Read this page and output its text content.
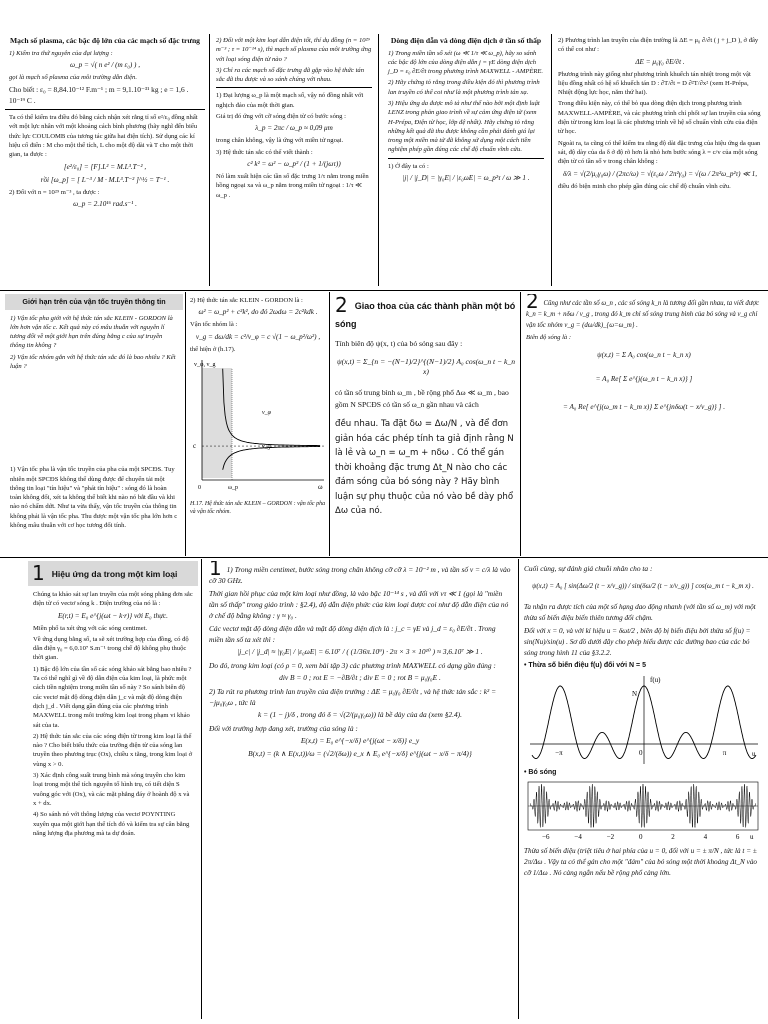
Mạch số plasma, các bậc độ lớn của các mạch số đặc trưng

1) Kiểm tra thứ nguyên của đại lượng :

ω_p = √( n e² / (m ε₀) ) ,

gọi là mạch số plasma của môi trường dẫn điện.

Cho biết : ε₀ = 8,84.10⁻¹² F.m⁻¹ ; m = 9,1.10⁻³¹ kg ; e = 1,6 . 10⁻¹⁹ C .

Ta có thể kiểm tra điều đó bằng cách nhận xét rằng tỉ số e²/ε₀ đồng nhất với một lực nhân với một khoảng cách bình phương (hãy nghĩ đến biểu thức lực COULOMB của tương tác giữa hai điện tích). Sử dụng các kí hiệu cổ điển : M cho một thể tích, L cho một độ dài và T cho một thời gian, ta được :

[e²/ε₀] = [F].L² = M.L³.T⁻² ,

rồi [ω_p] = [ L⁻³ / M · M.L³.T⁻² ]^½ = T⁻¹ .

2) Đối với n = 10²⁹ m⁻³ , ta được :

ω_p = 2.10¹⁶ rad.s⁻¹ .

2) Đối với một kim loại dẫn điện tốt, thí dụ đồng (n = 10²⁹ m⁻³ ; τ = 10⁻¹⁴ s), thì mạch số plasma của môi trường ứng với loại sóng điện từ nào ?

3) Chỉ ra các mạch số đặc trưng đã gặp vào hệ thức tán sắc đã thu được và so sánh chúng với nhau.

1) Đại lượng ω_p là một mạch số, vậy nó đồng nhất với nghịch đảo của một thời gian.

Giá trị đó ứng với cỡ sóng điện từ có bước sóng :

λ_p = 2πc / ω_p ≈ 0,09 μm

trong chân không, vậy là ứng với miền tử ngoại.

3) Hệ thức tán sắc có thể viết thành :

c² k² = ω² − ω_p² / (1 + 1/(jωτ))

Nó làm xuất hiện các tần số đặc trưng 1/τ nằm trong miền hồng ngoại xa và ω_p nằm trong miền tử ngoại : 1/τ ≪ ω_p .

Dòng điện dẫn và dòng điện dịch ở tần số thấp

1) Trong miền tần số xét (ω ≪ 1/τ ≪ ω_p), hãy so sánh các bậc độ lớn của dòng điện dẫn j = γE dòng điện dịch j_D = ε₀ ∂E/∂t trong phương trình MAXWELL - AMPÈRE.

2) Hãy chứng tỏ rằng trong điều kiện đó thì phương trình lan truyền có thể coi như là một phương trình tản xạ.

3) Hiệu ứng da được mô tả như thế nào bởi một định luật LENZ trong phản giao trình về sự cảm ứng điện từ (xem H-Prépa, Điện từ học, lớp đệ nhất). Hãy chứng tỏ rằng những kết quả đã thu được không cần phải đánh giá lại trong một miền mà tử đã không sử dụng một cách tiền nghiệm phép gần đúng các chế độ chuẩn vĩnh cửu.

1) Ở đây ta có :

|j| / |j_D| = |γ₀E| / |ε₀ωE| = ω_p²τ / ω ≫ 1 .

2) Phương trình lan truyền của điện trường là ΔE = μ₀ ∂/∂t ( j + j_D ), ở đây có thể coi như :

ΔE = μ₀γ₀ ∂E/∂t .

Phương trình này giống như phương trình khuếch tán nhiệt trong một vật liệu đồng nhất có hệ số khuếch tán D : ∂T/∂t = D ∂²T/∂x² (xem H-Prépa, Nhiệt động lực học, năm thứ hai).

Trong điều kiện này, có thể bỏ qua dòng điện dịch trong phương trình MAXWELL-AMPÈRE, và các phương trình chỉ phối sự lan truyền của sóng điện từ trong kim loại là các phương trình về hệ số chuẩn vĩnh cửu của điện từ học.

Ngoài ra, ta cũng có thể kiểm tra rằng độ dài đặc trưng của hiệu ứng da quan sát, độ dày của da δ ở độ rõ hơn là nhỏ hơn bước sóng λ = c/v của một sóng điện từ có tần số v trong chân không :

δ/λ = √(2/μ₀γ₀ω) / (2πc/ω) = √(ε₀ω / 2π²γ₀) = √(ω / 2π²ω_p²τ) ≪ 1,

điều đó biện minh cho phép gần đúng các chế độ chuẩn vĩnh cửu.

Giới hạn trên của vận tốc truyền thông tin

1) Vận tốc pha giới với hệ thức tán sắc KLEIN - GORDON là lớn hơn vận tốc c. Kết quả này có mâu thuẫn với nguyên lí tương đối về một giới hạn trên đúng bằng c của sự truyền thông tin không ?

2) Vận tốc nhóm gắn với hệ thức tán sắc đó là bao nhiêu ? Kết luận ?

1) Vận tốc pha là vận tốc truyền của pha của một SPCĐS. Tuy nhiên một SPCĐS không thể dùng được để chuyển tải một thông tin loại "tín hiệu" và "phát tín hiệu" : sóng đó là hoàn toàn không đổi, xét ta không thể biết khi nào nó bắt đầu và khi nào nó chấm dứt. Như ta vừa thấy, vận tốc truyền của thông tin không phải là vận tốc pha. Thu được một vận tốc pha lớn hơn c không mâu thuẫn với cơ học tương đối tính.

2) Hệ thức tán sắc KLEIN - GORDON là :

ω² = ω_p² + c²k², do đó 2ωdω = 2c²kdk .

Vận tốc nhóm là :

v_g = dω/dk = c²/v_φ = c √(1 − ω_p²/ω²) ,

thể hiện ở (h.17).

v_φ, v_g
ω
c
0	ω_p
v_φ
v_g

H.17. Hệ thức tán sắc KLEIN – GORDON : vận tốc pha và vận tốc nhóm.

2 Giao thoa của các thành phần một bó sóng

Tính biên độ ψ(x, t) của bó sóng sau đây :

ψ(x,t) = Σ_{n = −(N−1)/2}^{(N−1)/2} A₀ cos(ω_n t − k_n x)

có tần số trung bình ω_m , bề rộng phổ Δω ≪ ω_m , bao gồm N SPCĐS có tần số ω_n gần nhau và cách

đều nhau. Ta đặt δω = Δω/N , và để đơn giản hóa các phép tính ta giả định rằng N là lẻ và ω_n = ω_m + nδω . Có thể gán thời khoảng đặc trưng Δt_N nào cho các đám sóng của bó sóng này ? Hãy bình luận sự phụ thuộc của nó vào bề dày phổ Δω của nó.

2 Cũng như các tần số ω_n , các số sóng k_n là tương đối gần nhau, ta viết được k_n = k_m + nδω / v_g , trong đó k_m chỉ số sóng trung bình của bó sóng và v_g chỉ vận tốc nhóm v_g = (dω/dk)_{ω=ω_m} .

Biên độ sóng là :

ψ(x,t) = Σ A₀ cos(ω_n t − k_n x)

= A₀ Re[ Σ e^{j(ω_n t − k_n x)} ]

= A₀ Re[ e^{j(ω_m t − k_m x)} Σ e^{jnδω(t − x/v_g)} ] .

1 Hiệu ứng da trong một kim loại

Chúng ta khảo sát sự lan truyền của một sóng phẳng đơn sắc điện từ có vectơ sóng k . Điện trường của nó là :

E(r,t) = E₀ e^{j(ωt − k·r)} với E₀ thực.

Miền phổ ta xét ứng với các sóng centimet.

Về ứng dụng bằng số, ta sẽ xét trường hợp của đồng, có độ dẫn điện γ₀ = 6,0.10⁷ S.m⁻¹ trong chế độ không phụ thuộc thời gian.

1) Bậc độ lớn của tần số các sóng khảo sát bằng bao nhiêu ? Ta có thể nghĩ gì về độ dẫn điện của kim loại, là phức một cách tiền nghiệm trong miền tần số này ? So sánh biên độ các vectơ mật độ dòng điện dẫn j_c và mật độ dòng điện dịch j_d . Viết dạng gần đúng của các phương trình MAXWELL trong môi trường kim loại trong phạm vi khảo sát của ta.

2) Hệ thức tán sắc của các sóng điện từ trong kim loại là thế nào ? Cho biết biểu thức của trường điện từ của sóng lan truyền theo phương trục (Ox), chiều x tăng, trong kim loại ở vùng x > 0.

3) Xác định công suất trung bình mà sóng truyền cho kim loại trong một thể tích nguyên tố hình trụ, có tiết diện S vuông góc với (Ox), và các mặt phẳng đáy ở hoành độ x và x + dx.

4) So sánh nó với thông lượng của vectơ POYNTING xuyên qua một giới hạn thể tích đó và kiểm tra sự cân bằng năng lượng địa phương mà ta dự đoán.

1 1) Trong miền centimet, bước sóng trong chân không cỡ cỡ λ = 10⁻² m , và tần số v = c/λ là vào cỡ 30 GHz.

Thời gian hồi phục của một kim loại như đồng, là vào bậc 10⁻¹⁴ s , và đối với vτ ≪ 1 (gọi là "miền tần số thấp" trong giáo trình : §2.4), độ dẫn điện phức của kim loại được coi như độ dẫn điện của nó ở chế độ bằng không : γ ≈ γ₀ .

Các vectơ mật độ dòng điện dẫn và mật độ dòng điện dịch là : j_c = γE và j_d = ε₀ ∂E/∂t . Trong miền tần số ta xét thì :

|j_c| / |j_d| ≈ |γ₀E| / |ε₀ωE| = 6.10⁷ / ( (1/36π.10⁹) · 2π × 3 × 10¹⁰ ) ≈ 3,6.10⁷ ≫ 1 .

Do đó, trong kim loại (có ρ = 0, xem bài tập 3) các phương trình MAXWELL có dạng gần đúng :

div B = 0 ; rot E = −∂B/∂t ; div E = 0 ; rot B = μ₀γ₀E .

2) Ta rút ra phương trình lan truyền của điện trường : ΔE = μ₀γ₀ ∂E/∂t , và hệ thức tán sắc : k² = −jμ₀γ₀ω , tức là

k = (1 − j)/δ , trong đó δ = √(2/(μ₀γ₀ω)) là bề dày của da (xem §2.4).

Đối với trường hợp đang xét, trường của sóng là :

E(x,t) = E₀ e^{−x/δ} e^{j(ωt − x/δ)} e_y

B(x,t) = (k ∧ E(x,t))/ω = (√2/(δω)) e_x ∧ E₀ e^{−x/δ} e^{j(ωt − x/δ − π/4)}

Cuối cùng, sự đánh giá chuỗi nhân cho ta :

ψ(x,t) = A₀ [ sin(Δω/2 (t − x/v_g)) / sin(δω/2 (t − x/v_g)) ] cos(ω_m t − k_m x) .

Ta nhận ra được tích của một số hạng dao động nhanh (với tần số ω_m) với một thừa số biến điệu biến thiên tương đối chậm.

Đối với x = 0, và với kí hiệu u = δωt/2 , biên độ bị biến điệu bởi thừa số f(u) = sin(Nu)/sin(u) . Sơ đồ dưới đây cho phép hiểu được các đường bao của các bó sóng trong hình 11 của §3.2.2.

• Thừa số biến điệu f(u) đối với N = 5

f(u)
N
u
−π	0	π

• Bó sóng

−6	−4	−2	0	2	4	6 u

Thừa số biến điệu (triệt tiêu ở hai phía của u = 0, đối với u = ± π/N , tức là t = ± 2π/Δω . Vậy ta có thể gán cho một "đám" của bó sóng một thời khoảng Δt_N vào cỡ 1/Δω . Nó càng ngắn nếu bề rộng phổ càng lớn.
